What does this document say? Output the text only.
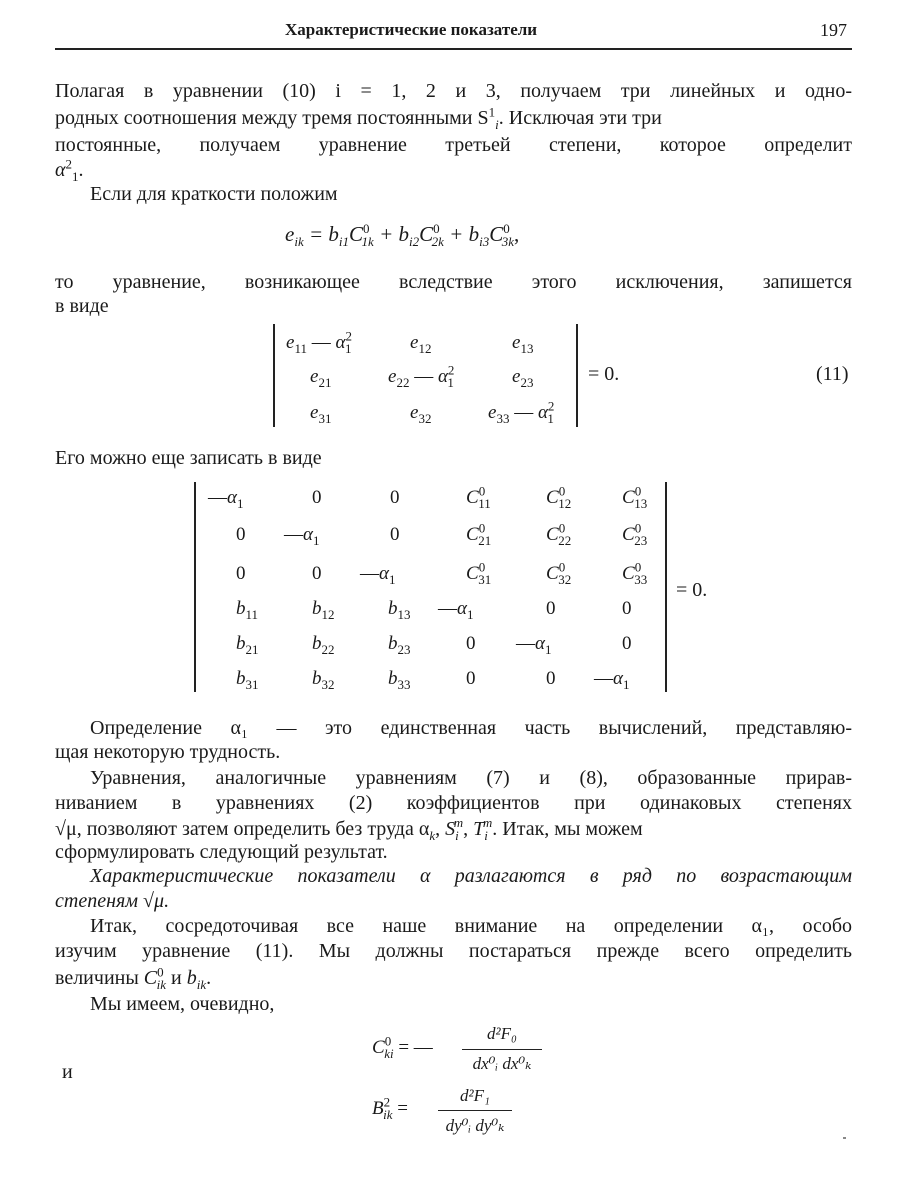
Характеристические показатели	197
Полагая в уравнении (10) i = 1, 2 и 3, получаем три линейных и одно-
родных соотношения между тремя постоянными $S^1_i$. Исключая эти три
постоянные, получаем уравнение третьей степени, которое определит
$\alpha^2_1$.
Если для краткости положим
$e_{ik} = b_{i1}C^0_{1k} + b_{i2}C^0_{2k} + b_{i3}C^0_{3k}$,
то уравнение, возникающее вследствие этого исключения, запишется
в виде
$e_{11}$ — $\alpha^2_1$	$e_{12}$	$e_{13}$
$e_{21}$	$e_{22}$ — $\alpha^2_1$	$e_{23}$
$e_{31}$	$e_{32}$	$e_{33}$ — $\alpha^2_1$
= 0.	(11)
Его можно еще записать в виде
$—\alpha_1$	0	0	$C^0_{11}$	$C^0_{12}$	$C^0_{13}$
0 $—\alpha_1$	0	$C^0_{21}$	$C^0_{22}$	$C^0_{23}$
0	0 $—\alpha_1$	$C^0_{31}$	$C^0_{32}$	$C^0_{33}$
$b_{11}$	$b_{12}$	$b_{13}$ $—\alpha_1$	0	0
$b_{21}$	$b_{22}$	$b_{23}$	0 $—\alpha_1$	0
$b_{31}$	$b_{32}$	$b_{33}$	0	0 $—\alpha_1$
= 0.
Определение α₁ — это единственная часть вычислений, представляю-
щая некоторую трудность.
Уравнения, аналогичные уравнениям (7) и (8), образованные прирав-
ниванием в уравнениях (2) коэффициентов при одинаковых степенях
√μ, позволяют затем определить без труда $\alpha_k$, $S_i^m$, $T_i^m$. Итак, мы можем
сформулировать следующий результат.
Характеристические показатели α разлагаются в ряд по возрастающим
степеням √μ.
Итак, сосредоточивая все наше внимание на определении α₁, особо
изучим уравнение (11). Мы должны постараться прежде всего определить
величины $C^0_{ik}$ и $b_{ik}$.
Мы имеем, очевидно,
$C^0_{ki}$ = —
d²F₀
dx⁰ᵢ dx⁰ₖ
и
$B^2_{ik}$ =
d²F₁
dy⁰ᵢ dy⁰ₖ
